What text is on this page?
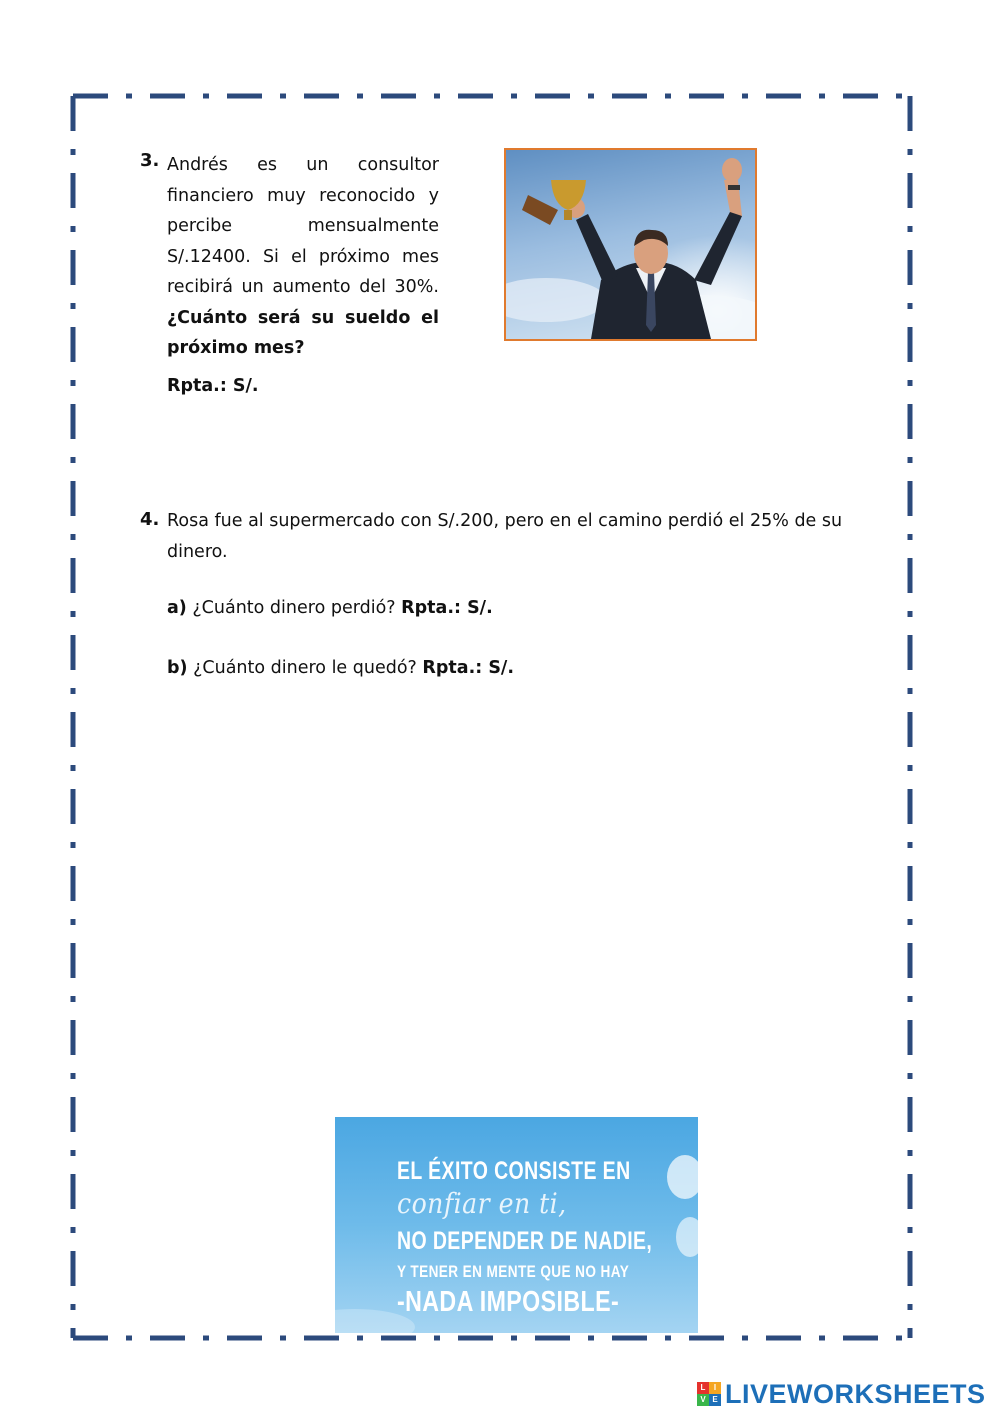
3. Andrés es un consultor financiero muy reconocido y percibe mensualmente S/.12400. Si el próximo mes recibirá un aumento del 30%. ¿Cuánto será su sueldo el próximo mes?
Rpta.: S/.
4. Rosa fue al supermercado con S/.200, pero en el camino perdió el 25% de su dinero.
a) ¿Cuánto dinero perdió? Rpta.: S/.
b) ¿Cuánto dinero le quedó? Rpta.: S/.
EL ÉXITO CONSISTE EN
confiar en ti,
NO DEPENDER DE NADIE,
Y TENER EN MENTE QUE NO HAY
-NADA IMPOSIBLE-
L	I
V E LIVEWORKSHEETS
